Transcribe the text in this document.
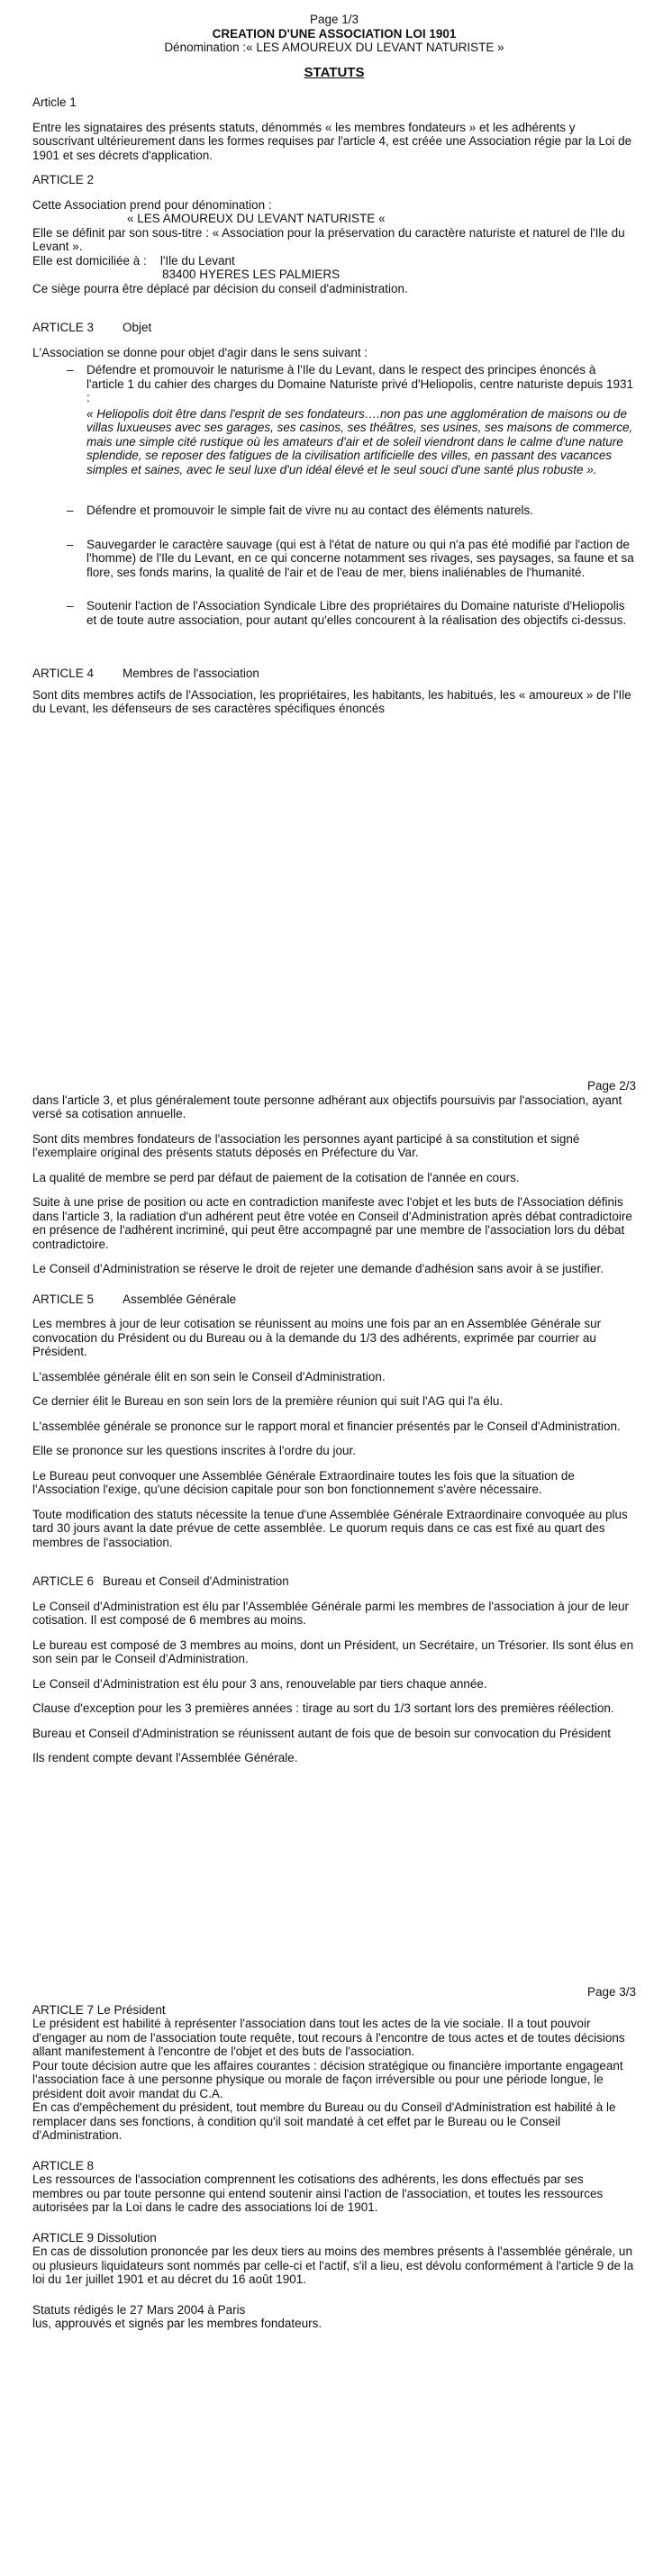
Page 1/3

CREATION D'UNE ASSOCIATION LOI 1901

Dénomination :« LES AMOUREUX DU LEVANT NATURISTE »

STATUTS

Article 1

Entre les signataires des présents statuts, dénommés « les membres fondateurs » et les adhérents y souscrivant ultérieurement dans les formes requises par l'article 4, est créée une Association régie par la Loi de 1901 et ses décrets d'application.

ARTICLE 2

Cette Association prend pour dénomination :

« LES AMOUREUX DU LEVANT NATURISTE «

Elle se définit par son sous-titre : « Association pour la préservation du caractère naturiste et naturel de l'Ile du Levant ».

Elle est domiciliée à : l'Ile du Levant

83400 HYERES LES PALMIERS

Ce siège pourra être déplacé par décision du conseil d'administration.

ARTICLE 3 Objet

L'Association se donne pour objet d'agir dans le sens suivant :

– Défendre et promouvoir le naturisme à l'Ile du Levant, dans le respect des principes énoncés à l'article 1 du cahier des charges du Domaine Naturiste privé d'Heliopolis, centre naturiste depuis 1931 :

« Heliopolis doit être dans l'esprit de ses fondateurs….non pas une agglomération de maisons ou de villas luxueuses avec ses garages, ses casinos, ses théâtres, ses usines, ses maisons de commerce, mais une simple cité rustique où les amateurs d'air et de soleil viendront dans le calme d'une nature splendide, se reposer des fatigues de la civilisation artificielle des villes, en passant des vacances simples et saines, avec le seul luxe d'un idéal élevé et le seul souci d'une santé plus robuste ».

– Défendre et promouvoir le simple fait de vivre nu au contact des éléments naturels.
– Sauvegarder le caractère sauvage (qui est à l'état de nature ou qui n'a pas été modifié par l'action de l'homme) de l'Ile du Levant, en ce qui concerne notamment ses rivages, ses paysages, sa faune et sa flore, ses fonds marins, la qualité de l'air et de l'eau de mer, biens inaliénables de l'humanité.
– Soutenir l'action de l'Association Syndicale Libre des propriétaires du Domaine naturiste d'Heliopolis et de toute autre association, pour autant qu'elles concourent à la réalisation des objectifs ci-dessus.

ARTICLE 4 Membres de l'association

Sont dits membres actifs de l'Association, les propriétaires, les habitants, les habitués, les « amoureux » de l'Ile du Levant, les défenseurs de ses caractères spécifiques énoncés

Page 2/3

dans l'article 3, et plus généralement toute personne adhérant aux objectifs poursuivis par l'association, ayant versé sa cotisation annuelle.

Sont dits membres fondateurs de l'association les personnes ayant participé à sa constitution et signé l'exemplaire original des présents statuts déposés en Préfecture du Var.

La qualité de membre se perd par défaut de paiement de la cotisation de l'année en cours.

Suite à une prise de position ou acte en contradiction manifeste avec l'objet et les buts de l'Association définis dans l'article 3, la radiation d'un adhérent peut être votée en Conseil d'Administration après débat contradictoire en présence de l'adhérent incriminé, qui peut être accompagné par une membre de l'association lors du débat contradictoire.

Le Conseil d'Administration se réserve le droit de rejeter une demande d'adhésion sans avoir à se justifier.

ARTICLE 5 Assemblée Générale

Les membres à jour de leur cotisation se réunissent au moins une fois par an en Assemblée Générale sur convocation du Président ou du Bureau ou à la demande du 1/3 des adhérents, exprimée par courrier au Président.

L'assemblée générale élit en son sein le Conseil d'Administration.

Ce dernier élit le Bureau en son sein lors de la première réunion qui suit l'AG qui l'a élu.

L'assemblée générale se prononce sur le rapport moral et financier présentés par le Conseil d'Administration.

Elle se prononce sur les questions inscrites à l'ordre du jour.

Le Bureau peut convoquer une Assemblée Générale Extraordinaire toutes les fois que la situation de l'Association l'exige, qu'une décision capitale pour son bon fonctionnement s'avère nécessaire.

Toute modification des statuts nécessite la tenue d'une Assemblée Générale Extraordinaire convoquée au plus tard 30 jours avant la date prévue de cette assemblée. Le quorum requis dans ce cas est fixé au quart des membres de l'association.

ARTICLE 6 Bureau et Conseil d'Administration

Le Conseil d'Administration est élu par l'Assemblée Générale parmi les membres de l'association à jour de leur cotisation. Il est composé de 6 membres au moins.

Le bureau est composé de 3 membres au moins, dont un Président, un Secrétaire, un Trésorier. Ils sont élus en son sein par le Conseil d'Administration.

Le Conseil d'Administration est élu pour 3 ans, renouvelable par tiers chaque année.

Clause d'exception pour les 3 premières années : tirage au sort du 1/3 sortant lors des premières réélection.

Bureau et Conseil d'Administration se réunissent autant de fois que de besoin sur convocation du Président

Ils rendent compte devant l'Assemblée Générale.

Page 3/3

ARTICLE 7 Le Président

Le président est habilité à représenter l'association dans tout les actes de la vie sociale. Il a tout pouvoir d'engager au nom de l'association toute requête, tout recours à l'encontre de tous actes et de toutes décisions allant manifestement à l'encontre de l'objet et des buts de l'association.

Pour toute décision autre que les affaires courantes : décision stratégique ou financière importante engageant l'association face à une personne physique ou morale de façon irréversible ou pour une période longue, le président doit avoir mandat du C.A.

En cas d'empêchement du président, tout membre du Bureau ou du Conseil d'Administration est habilité à le remplacer dans ses fonctions, à condition qu'il soit mandaté à cet effet par le Bureau ou le Conseil d'Administration.

ARTICLE 8

Les ressources de l'association comprennent les cotisations des adhérents, les dons effectués par ses membres ou par toute personne qui entend soutenir ainsi l'action de l'association, et toutes les ressources autorisées par la Loi dans le cadre des associations loi de 1901.

ARTICLE 9 Dissolution

En cas de dissolution prononcée par les deux tiers au moins des membres présents à l'assemblée générale, un ou plusieurs liquidateurs sont nommés par celle-ci et l'actif, s'il a lieu, est dévolu conformément à l'article 9 de la loi du 1er juillet 1901 et au décret du 16 août 1901.

Statuts rédigés le 27 Mars 2004 à Paris

lus, approuvés et signés par les membres fondateurs.
